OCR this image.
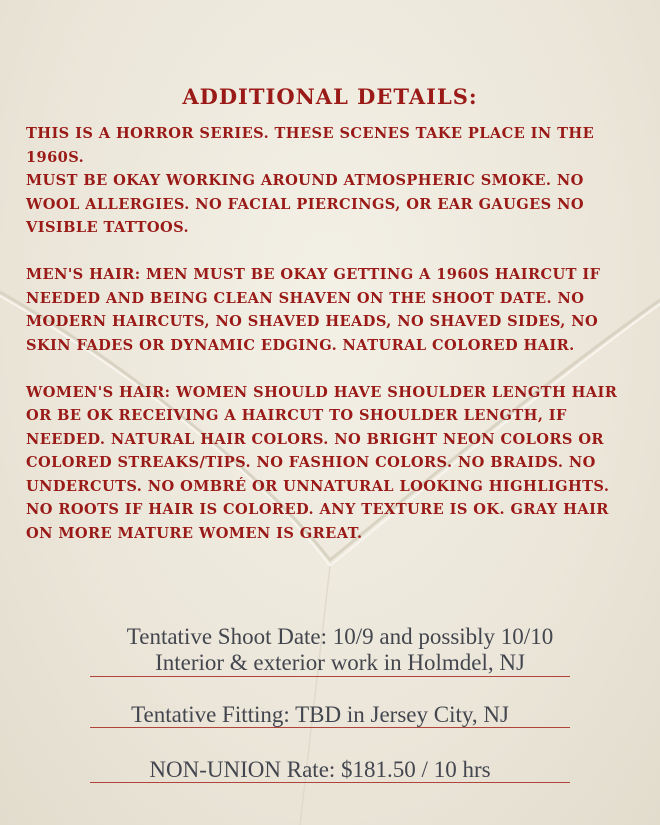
ADDITIONAL DETAILS:

THIS IS A HORROR SERIES. THESE SCENES TAKE PLACE IN THE 1960S.

MUST BE OKAY WORKING AROUND ATMOSPHERIC SMOKE. NO WOOL ALLERGIES. NO FACIAL PIERCINGS, OR EAR GAUGES NO VISIBLE TATTOOS.

MEN'S HAIR: MEN MUST BE OKAY GETTING A 1960S HAIRCUT IF NEEDED AND BEING CLEAN SHAVEN ON THE SHOOT DATE. NO MODERN HAIRCUTS, NO SHAVED HEADS, NO SHAVED SIDES, NO SKIN FADES OR DYNAMIC EDGING. NATURAL COLORED HAIR.

WOMEN'S HAIR: WOMEN SHOULD HAVE SHOULDER LENGTH HAIR OR BE OK RECEIVING A HAIRCUT TO SHOULDER LENGTH, IF NEEDED. NATURAL HAIR COLORS. NO BRIGHT NEON COLORS OR COLORED STREAKS/TIPS. NO FASHION COLORS. NO BRAIDS. NO UNDERCUTS. NO OMBRÉ OR UNNATURAL LOOKING HIGHLIGHTS. NO ROOTS IF HAIR IS COLORED. ANY TEXTURE IS OK. GRAY HAIR ON MORE MATURE WOMEN IS GREAT.

Tentative Shoot Date: 10/9 and possibly 10/10
Interior & exterior work in Holmdel, NJ
Tentative Fitting: TBD in Jersey City, NJ
NON-UNION Rate: $181.50 / 10 hrs
